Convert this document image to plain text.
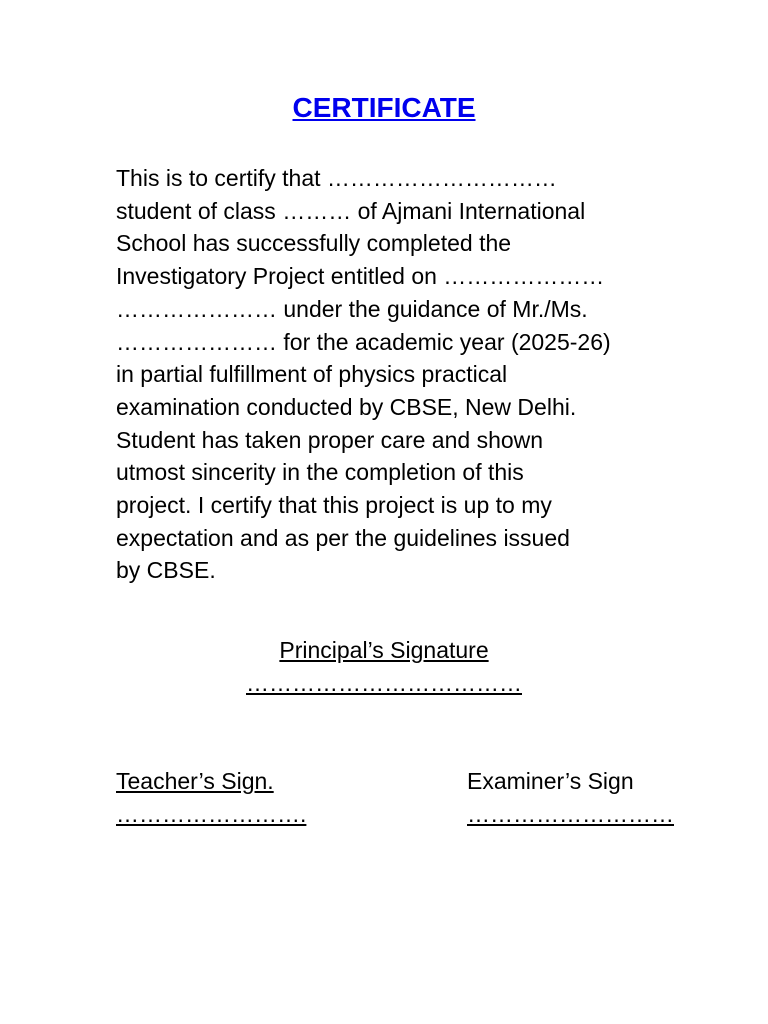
CERTIFICATE
This is to certify that …………………………
student of class ……… of Ajmani International
School has successfully completed the
Investigatory Project entitled on …………………
………………… under the guidance of Mr./Ms.
………………… for the academic year (2025-26)
in partial fulfillment of physics practical
examination conducted by CBSE, New Delhi.
Student has taken proper care and shown
utmost sincerity in the completion of this
project. I certify that this project is up to my
expectation and as per the guidelines issued
by CBSE.
Principal’s Signature
………………………………
Teacher’s Sign.
…………………….
Examiner’s Sign
………………………
